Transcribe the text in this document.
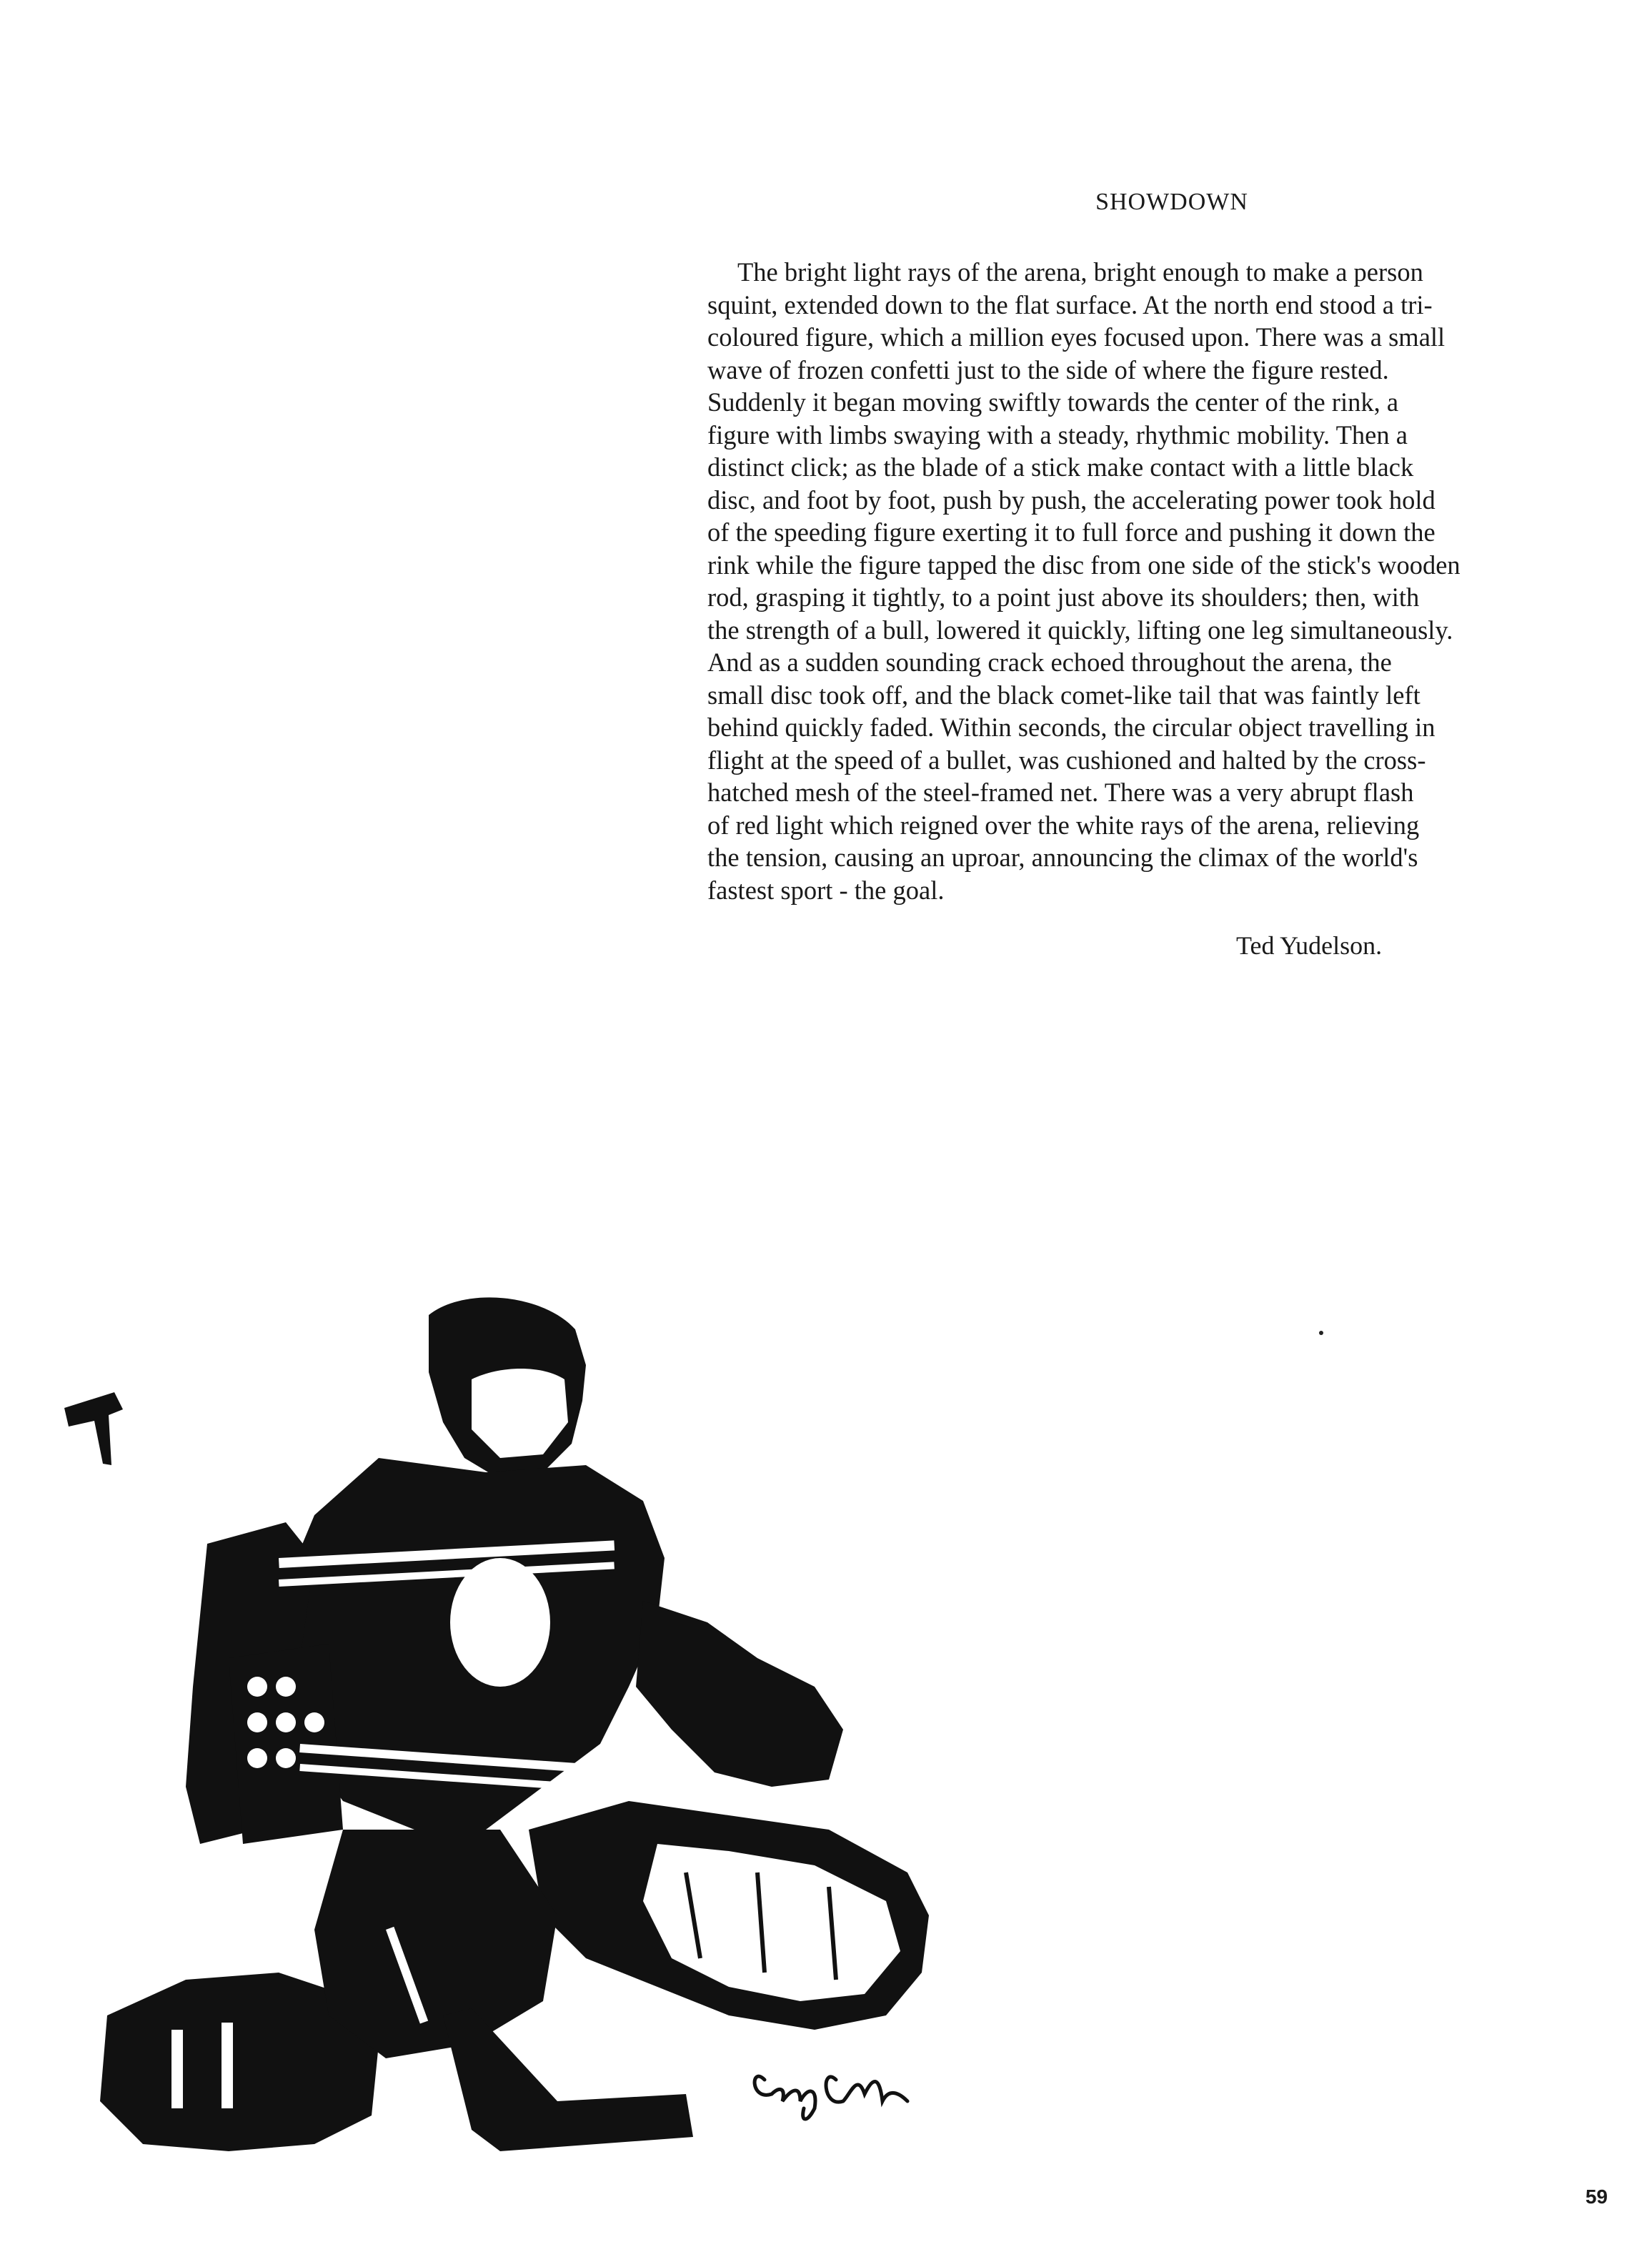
SHOWDOWN
The bright light rays of the arena, bright enough to make a person
squint, extended down to the flat surface. At the north end stood a tri-
coloured figure, which a million eyes focused upon. There was a small
wave of frozen confetti just to the side of where the figure rested.
Suddenly it began moving swiftly towards the center of the rink, a
figure with limbs swaying with a steady, rhythmic mobility. Then a
distinct click; as the blade of a stick make contact with a little black
disc, and foot by foot, push by push, the accelerating power took hold
of the speeding figure exerting it to full force and pushing it down the
rink while the figure tapped the disc from one side of the stick's wooden
rod, grasping it tightly, to a point just above its shoulders; then, with
the strength of a bull, lowered it quickly, lifting one leg simultaneously.
And as a sudden sounding crack echoed throughout the arena, the
small disc took off, and the black comet-like tail that was faintly left
behind quickly faded. Within seconds, the circular object travelling in
flight at the speed of a bullet, was cushioned and halted by the cross-
hatched mesh of the steel-framed net. There was a very abrupt flash
of red light which reigned over the white rays of the arena, relieving
the tension, causing an uproar, announcing the climax of the world's
fastest sport - the goal.
Ted Yudelson.
59
